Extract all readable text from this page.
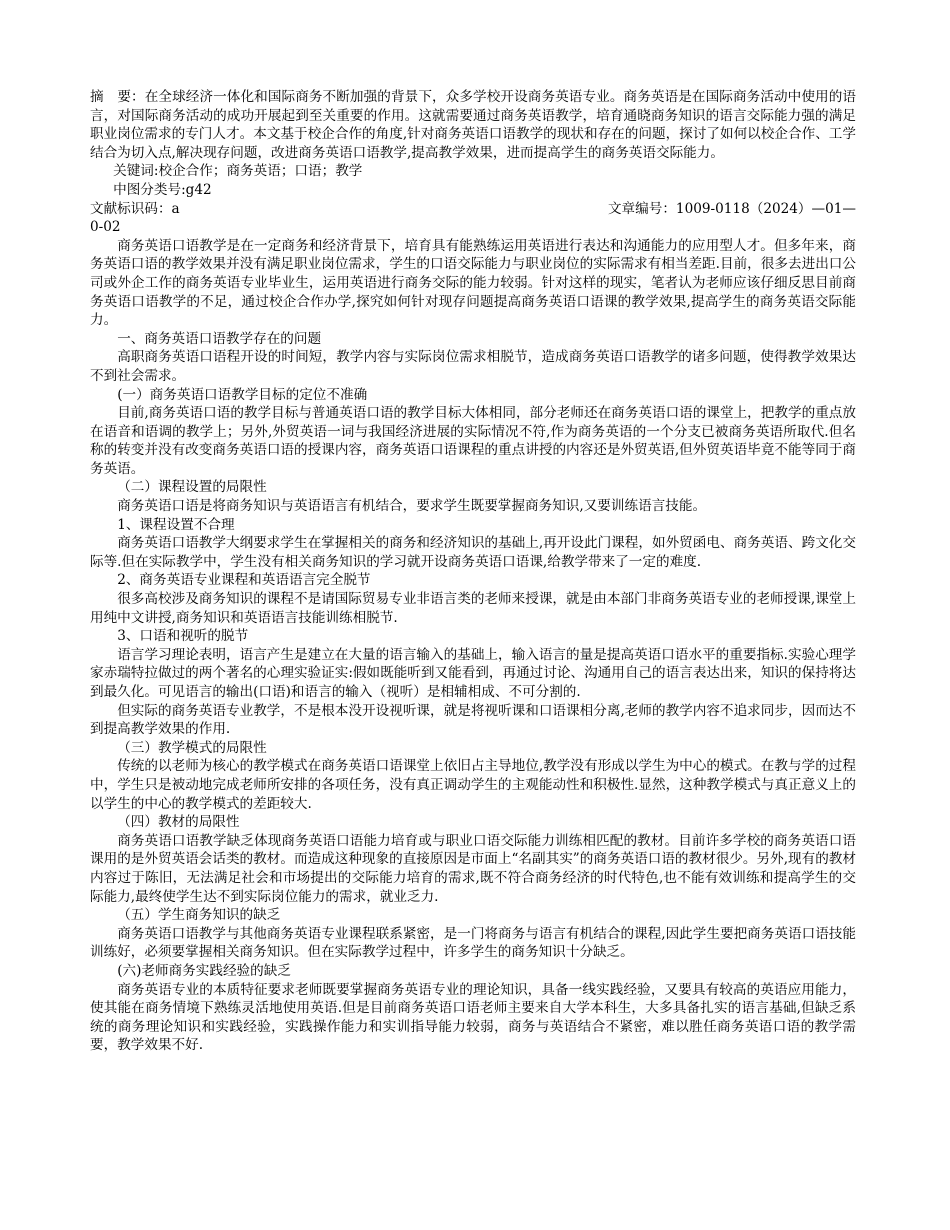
摘　要：在全球经济一体化和国际商务不断加强的背景下，众多学校开设商务英语专业。商务英语是在国际商务活动中使用的语言，对国际商务活动的成功开展起到至关重要的作用。这就需要通过商务英语教学，培育通晓商务知识的语言交际能力强的满足职业岗位需求的专门人才。本文基于校企合作的角度,针对商务英语口语教学的现状和存在的问题，探讨了如何以校企合作、工学结合为切入点,解决现存问题，改进商务英语口语教学,提高教学效果，进而提高学生的商务英语交际能力。

关键词:校企合作；商务英语；口语；教学

中图分类号:g42

文献标识码：a	文章编号：1009-0118（2024）—01—

0-02

商务英语口语教学是在一定商务和经济背景下，培育具有能熟练运用英语进行表达和沟通能力的应用型人才。但多年来，商务英语口语的教学效果并没有满足职业岗位需求，学生的口语交际能力与职业岗位的实际需求有相当差距.目前，很多去进出口公司或外企工作的商务英语专业毕业生，运用英语进行商务交际的能力较弱。针对这样的现实，笔者认为老师应该仔细反思目前商务英语口语教学的不足，通过校企合作办学,探究如何针对现存问题提高商务英语口语课的教学效果,提高学生的商务英语交际能力。

一、商务英语口语教学存在的问题

高职商务英语口语程开设的时间短，教学内容与实际岗位需求相脱节，造成商务英语口语教学的诸多问题，使得教学效果达不到社会需求。

(一）商务英语口语教学目标的定位不准确

目前,商务英语口语的教学目标与普通英语口语的教学目标大体相同，部分老师还在商务英语口语的课堂上，把教学的重点放在语音和语调的教学上；另外,外贸英语一词与我国经济进展的实际情况不符,作为商务英语的一个分支已被商务英语所取代.但名称的转变并没有改变商务英语口语的授课内容，商务英语口语课程的重点讲授的内容还是外贸英语,但外贸英语毕竟不能等同于商务英语。

（二）课程设置的局限性

商务英语口语是将商务知识与英语语言有机结合，要求学生既要掌握商务知识,又要训练语言技能。

1、课程设置不合理

商务英语口语教学大纲要求学生在掌握相关的商务和经济知识的基础上,再开设此门课程，如外贸函电、商务英语、跨文化交际等.但在实际教学中，学生没有相关商务知识的学习就开设商务英语口语课,给教学带来了一定的难度.

2、商务英语专业课程和英语语言完全脱节

很多高校涉及商务知识的课程不是请国际贸易专业非语言类的老师来授课，就是由本部门非商务英语专业的老师授课,课堂上用纯中文讲授,商务知识和英语语言技能训练相脱节.

3、口语和视听的脱节

语言学习理论表明，语言产生是建立在大量的语言输入的基础上，输入语言的量是提高英语口语水平的重要指标.实验心理学家赤瑞特拉做过的两个著名的心理实验证实:假如既能听到又能看到，再通过讨论、沟通用自己的语言表达出来，知识的保持将达到最久化。可见语言的输出(口语)和语言的输入（视听）是相辅相成、不可分割的.

但实际的商务英语专业教学，不是根本没开设视听课，就是将视听课和口语课相分离,老师的教学内容不追求同步，因而达不到提高教学效果的作用.

（三）教学模式的局限性

传统的以老师为核心的教学模式在商务英语口语课堂上依旧占主导地位,教学没有形成以学生为中心的模式。在教与学的过程中，学生只是被动地完成老师所安排的各项任务，没有真正调动学生的主观能动性和积极性.显然，这种教学模式与真正意义上的以学生的中心的教学模式的差距较大.

（四）教材的局限性

商务英语口语教学缺乏体现商务英语口语能力培育或与职业口语交际能力训练相匹配的教材。目前许多学校的商务英语口语课用的是外贸英语会话类的教材。而造成这种现象的直接原因是市面上“名副其实”的商务英语口语的教材很少。另外,现有的教材内容过于陈旧，无法满足社会和市场提出的交际能力培育的需求,既不符合商务经济的时代特色,也不能有效训练和提高学生的交际能力,最终使学生达不到实际岗位能力的需求，就业乏力.

（五）学生商务知识的缺乏

商务英语口语教学与其他商务英语专业课程联系紧密，是一门将商务与语言有机结合的课程,因此学生要把商务英语口语技能训练好，必须要掌握相关商务知识。但在实际教学过程中，许多学生的商务知识十分缺乏。

(六)老师商务实践经验的缺乏

商务英语专业的本质特征要求老师既要掌握商务英语专业的理论知识，具备一线实践经验，又要具有较高的英语应用能力，使其能在商务情境下熟练灵活地使用英语.但是目前商务英语口语老师主要来自大学本科生，大多具备扎实的语言基础,但缺乏系统的商务理论知识和实践经验，实践操作能力和实训指导能力较弱，商务与英语结合不紧密，难以胜任商务英语口语的教学需要，教学效果不好.
